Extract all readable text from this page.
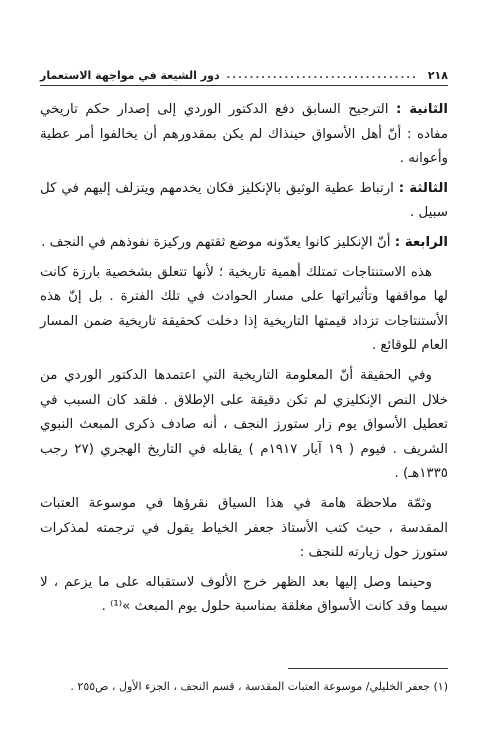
٢١٨
.....
دور الشيعة في مواجهة الاستعمار

الثانية : الترجيح السابق دفع الدكتور الوردي إلى إصدار حكم تاريخي مفاده : أنّ أهل الأسواق حينذاك لم يكن بمقدورهم أن يخالفوا أمر عطية وأعوانه .

الثالثة : ارتباط عطية الوثيق بالإنكليز فكان يخدمهم ويتزلف إليهم في كل سبيل .

الرابعة : أنّ الإنكليز كانوا يعدّونه موضع ثقتهم وركيزة نفوذهم في النجف .

هذه الاستنتاجات تمتلك أهمية تاريخية ؛ لأنها تتعلق بشخصية بارزة كانت لها مواقفها وتأثيراتها على مسار الحوادث في تلك الفترة . بل إنّ هذه الأستنتاجات تزداد قيمتها التاريخية إذا دخلت كحقيقة تاريخية ضمن المسار العام للوقائع .

وفي الحقيقة أنّ المعلومة التاريخية التي اعتمدها الدكتور الوردي من خلال النص الإنكليزي لم تكن دقيقة على الإطلاق . فلقد كان السبب في تعطيل الأسواق يوم زار ستورز النجف ، أنه صادف ذكرى المبعث النبوي الشريف . فيوم ( ١٩ آيار ١٩١٧م ) يقابله في التاريخ الهجري (٢٧ رجب ١٣٣٥هـ) .

وثمّة ملاحظة هامة في هذا السياق نقرؤها في موسوعة العتبات المقدسة ، حيث كتب الأستاذ جعفر الخياط يقول في ترجمته لمذكرات ستورز حول زيارته للنجف :

وحينما وصل إليها بعد الظهر خرج الألوف لاستقباله على ما يزعم ، لا سيما وقد كانت الأسواق مغلقة بمناسبة حلول يوم المبعث »⁽¹⁾ .

(١) جعفر الخليلي/ موسوعة العتبات المقدسة ، قسم النجف ، الجزء الأول ، ص٢٥٥ .
